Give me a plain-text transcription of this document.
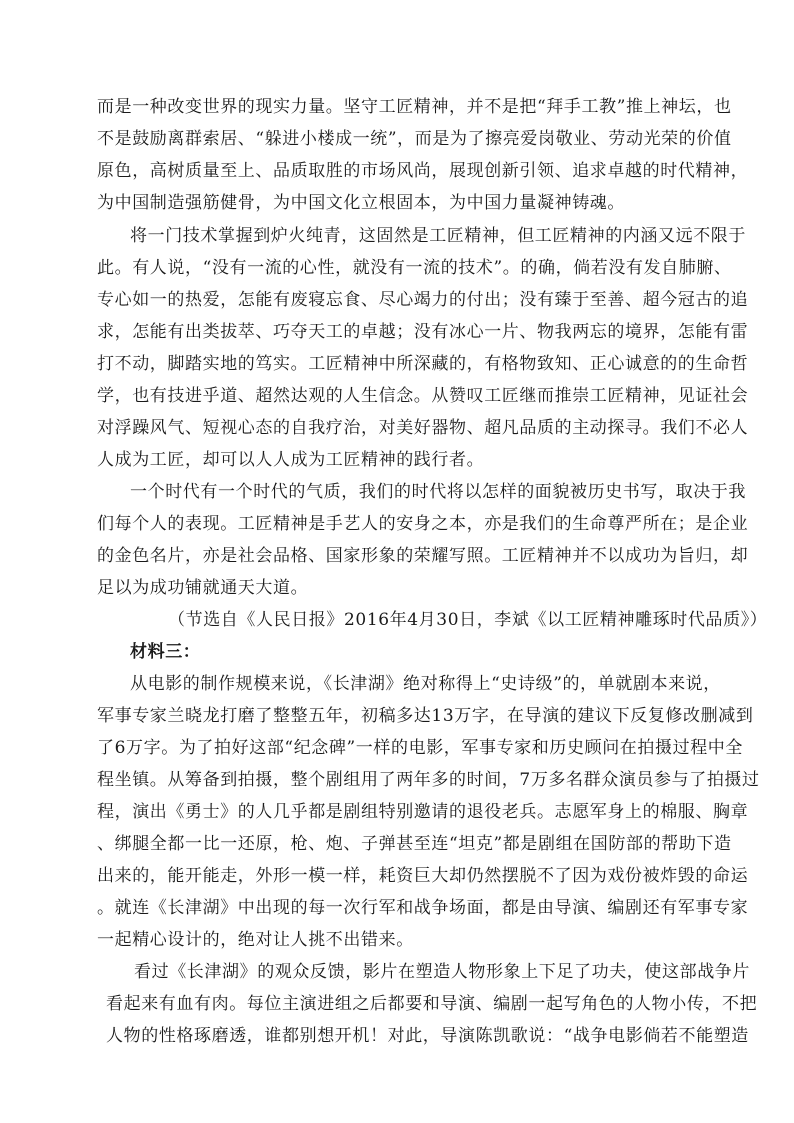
而是一种改变世界的现实力量。坚守工匠精神，并不是把“拜手工教”推上神坛，也
不是鼓励离群索居、“躲进小楼成一统”，而是为了擦亮爱岗敬业、劳动光荣的价值
原色，高树质量至上、品质取胜的市场风尚，展现创新引领、追求卓越的时代精神，
为中国制造强筋健骨，为中国文化立根固本，为中国力量凝神铸魂。
将一门技术掌握到炉火纯青，这固然是工匠精神，但工匠精神的内涵又远不限于
此。有人说，“没有一流的心性，就没有一流的技术”。的确，倘若没有发自肺腑、
专心如一的热爱，怎能有废寝忘食、尽心竭力的付出；没有臻于至善、超今冠古的追
求，怎能有出类拔萃、巧夺天工的卓越；没有冰心一片、物我两忘的境界，怎能有雷
打不动，脚踏实地的笃实。工匠精神中所深藏的，有格物致知、正心诚意的的生命哲
学，也有技进乎道、超然达观的人生信念。从赞叹工匠继而推崇工匠精神，见证社会
对浮躁风气、短视心态的自我疗治，对美好器物、超凡品质的主动探寻。我们不必人
人成为工匠，却可以人人成为工匠精神的践行者。
一个时代有一个时代的气质，我们的时代将以怎样的面貌被历史书写，取决于我
们每个人的表现。工匠精神是手艺人的安身之本，亦是我们的生命尊严所在；是企业
的金色名片，亦是社会品格、国家形象的荣耀写照。工匠精神并不以成功为旨归，却
足以为成功铺就通天大道。
（节选自《人民日报》2016年4月30日，李斌《以工匠精神雕琢时代品质》）
材料三：
从电影的制作规模来说，《长津湖》绝对称得上“史诗级”的，单就剧本来说，
军事专家兰晓龙打磨了整整五年，初稿多达13万字，在导演的建议下反复修改删减到
了6万字。为了拍好这部“纪念碑”一样的电影，军事专家和历史顾问在拍摄过程中全
程坐镇。从筹备到拍摄，整个剧组用了两年多的时间，7万多名群众演员参与了拍摄过
程，演出《勇士》的人几乎都是剧组特别邀请的退役老兵。志愿军身上的棉服、胸章
、绑腿全都一比一还原，枪、炮、子弹甚至连“坦克”都是剧组在国防部的帮助下造
出来的，能开能走，外形一模一样，耗资巨大却仍然摆脱不了因为戏份被炸毁的命运
。就连《长津湖》中出现的每一次行军和战争场面，都是由导演、编剧还有军事专家
一起精心设计的，绝对让人挑不出错来。
看过《长津湖》的观众反馈，影片在塑造人物形象上下足了功夫，使这部战争片
看起来有血有肉。每位主演进组之后都要和导演、编剧一起写角色的人物小传，不把
人物的性格琢磨透，谁都别想开机！对此，导演陈凯歌说：“战争电影倘若不能塑造
